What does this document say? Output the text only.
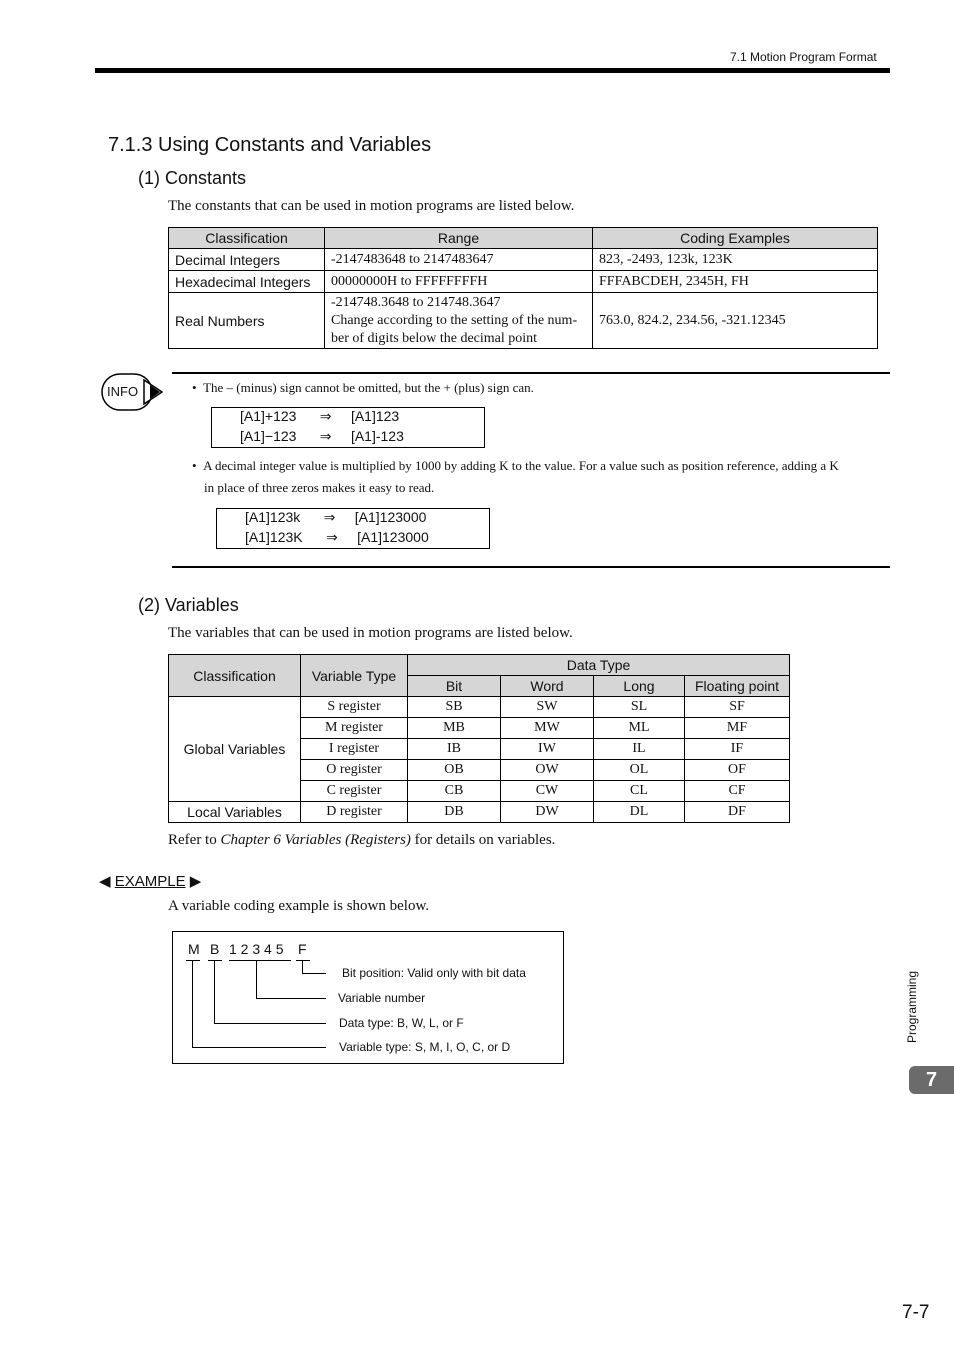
7.1 Motion Program Format
7.1.3 Using Constants and Variables
(1) Constants
The constants that can be used in motion programs are listed below.
Classification	Range	Coding Examples
Decimal Integers	-2147483648 to 2147483647	823, -2493, 123k, 123K
Hexadecimal Integers	00000000H to FFFFFFFFH	FFFABCDEH, 2345H, FH
Real Numbers	-214748.3648 to 214748.3647
Change according to the setting of the num-
ber of digits below the decimal point	763.0, 824.2, 234.56, -321.12345
INFO	•  The – (minus) sign cannot be omitted, but the + (plus) sign can.
[A1]+123      ⇒     [A1]123
[A1]−123      ⇒     [A1]-123
•  A decimal integer value is multiplied by 1000 by adding K to the value. For a value such as position reference, adding a K
in place of three zeros makes it easy to read.
[A1]123k      ⇒     [A1]123000
[A1]123K      ⇒     [A1]123000
(2) Variables
The variables that can be used in motion programs are listed below.
Classification	Variable Type	Data Type			
		Bit	Word	Long	Floating point
Global Variables	S register	SB	SW	SL	SF
	M register	MB	MW	ML	MF
	I register	IB	IW	IL	IF
	O register	OB	OW	OL	OF
	C register	CB	CW	CL	CF
Local Variables	D register	DB	DW	DL	DF
Refer to Chapter 6 Variables (Registers) for details on variables.
◀ EXAMPLE ▶
A variable coding example is shown below.
M B 1 2 3 4 5 F
Bit position: Valid only with bit data
Variable number
Data type: B, W, L, or F
Variable type: S, M, I, O, C, or D
Programming
7
7-7
